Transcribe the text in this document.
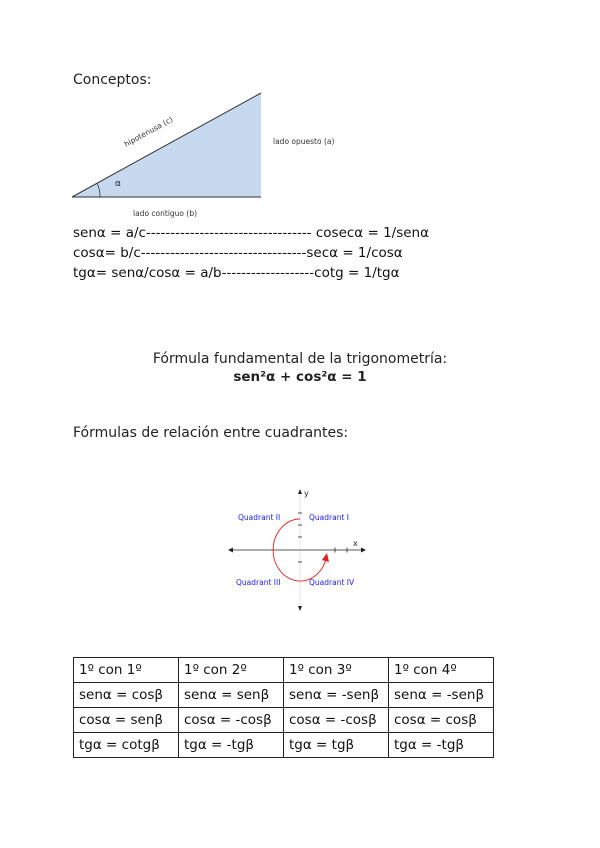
Conceptos:
α
hipotenusa (c)	lado opuesto (a)
lado contiguo (b)
senα = a/c---------------------------------- cosecα = 1/senα
cosα= b/c----------------------------------secα = 1/cosα
tgα= senα/cosα = a/b-------------------cotg = 1/tgα
Fórmula fundamental de la trigonometría:
sen²α + cos²α = 1
Fórmulas de relación entre cuadrantes:
y
x
Quadrant II	Quadrant I
Quadrant III	Quadrant IV
1º con 1º	1º con 2º	1º con 3º	1º con 4º
senα = cosβ	senα = senβ	senα = -senβ	senα = -senβ
cosα = senβ	cosα = -cosβ	cosα = -cosβ	cosα = cosβ
tgα = cotgβ	tgα = -tgβ	tgα = tgβ	tgα = -tgβ
